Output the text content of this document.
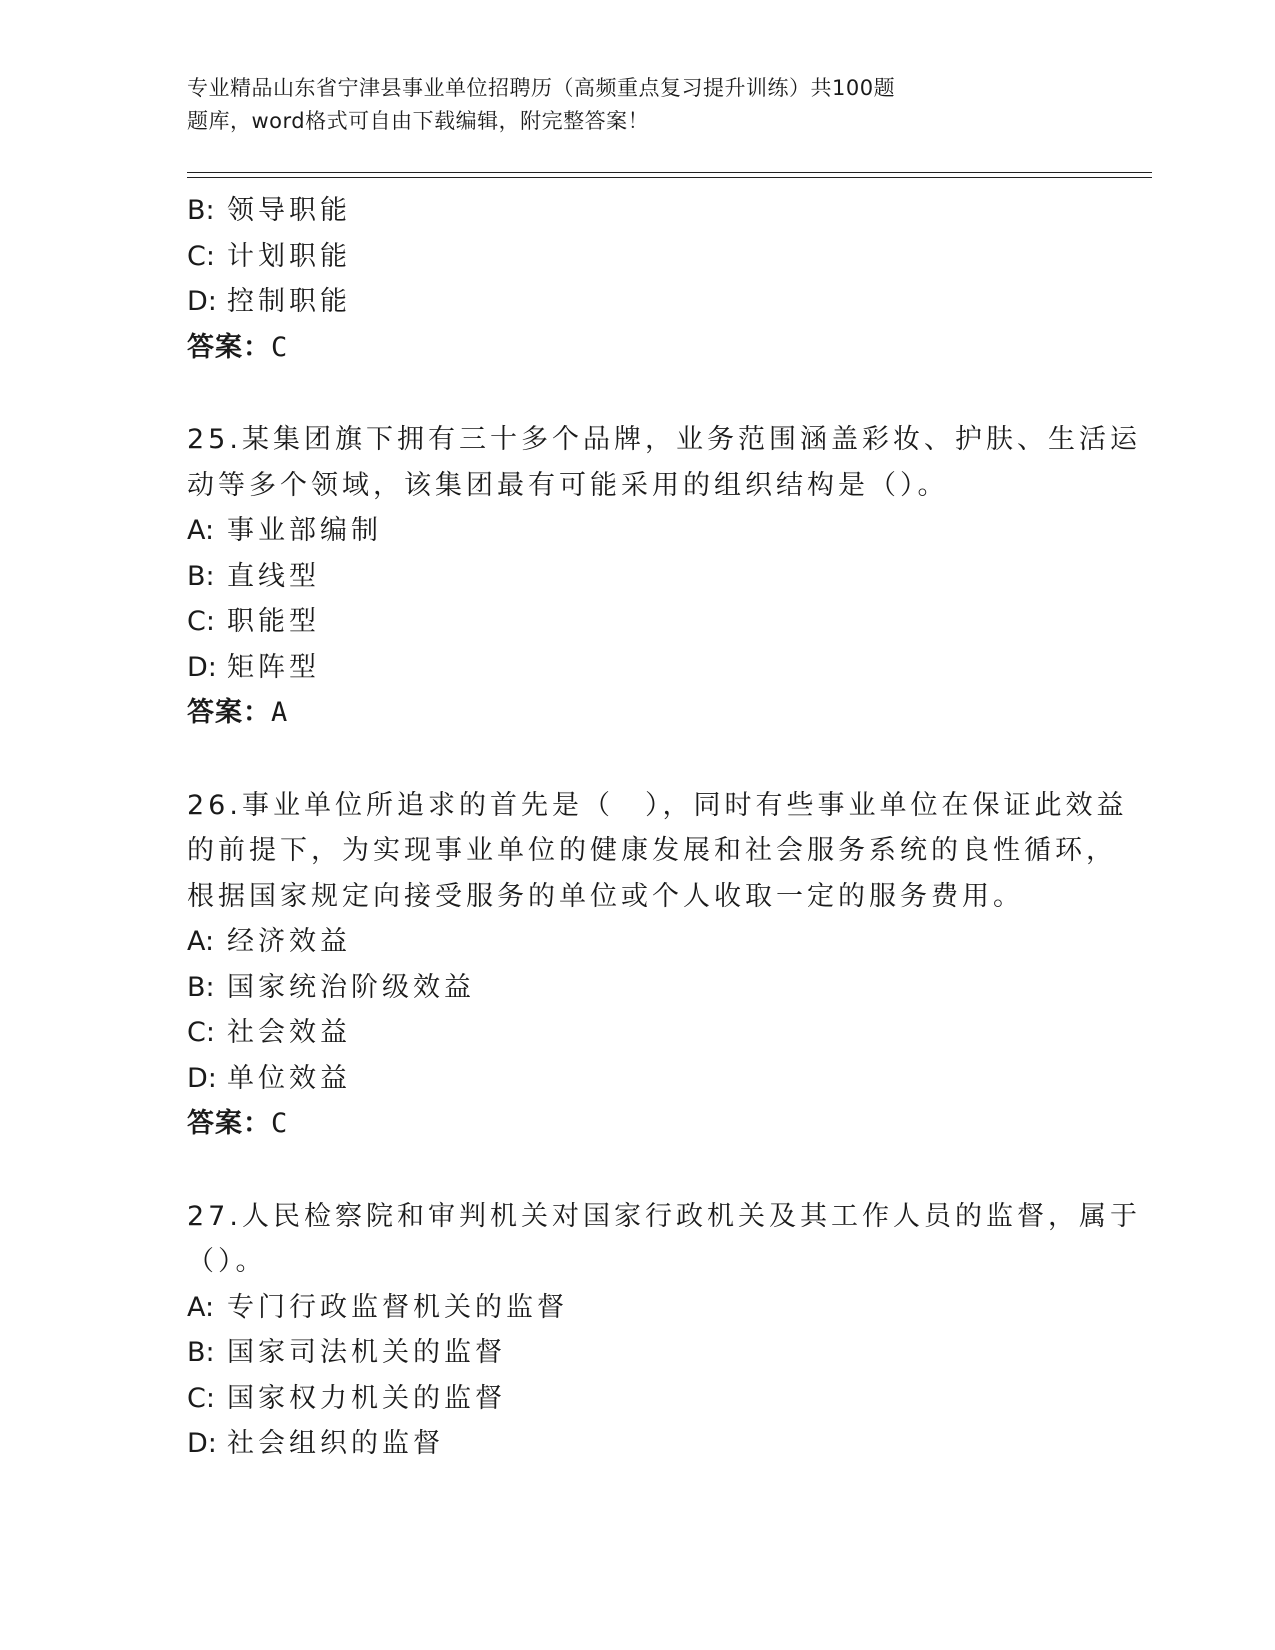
专业精品山东省宁津县事业单位招聘历（高频重点复习提升训练）共100题
题库，word格式可自由下载编辑，附完整答案！
B: 领导职能
C: 计划职能
D: 控制职能
答案：C
25.某集团旗下拥有三十多个品牌，业务范围涵盖彩妆、护肤、生活运
动等多个领域，该集团最有可能采用的组织结构是（）。
A: 事业部编制
B: 直线型
C: 职能型
D: 矩阵型
答案：A
26.事业单位所追求的首先是（　），同时有些事业单位在保证此效益
的前提下，为实现事业单位的健康发展和社会服务系统的良性循环，
根据国家规定向接受服务的单位或个人收取一定的服务费用。
A: 经济效益
B: 国家统治阶级效益
C: 社会效益
D: 单位效益
答案：C
27.人民检察院和审判机关对国家行政机关及其工作人员的监督，属于
（）。
A: 专门行政监督机关的监督
B: 国家司法机关的监督
C: 国家权力机关的监督
D: 社会组织的监督
